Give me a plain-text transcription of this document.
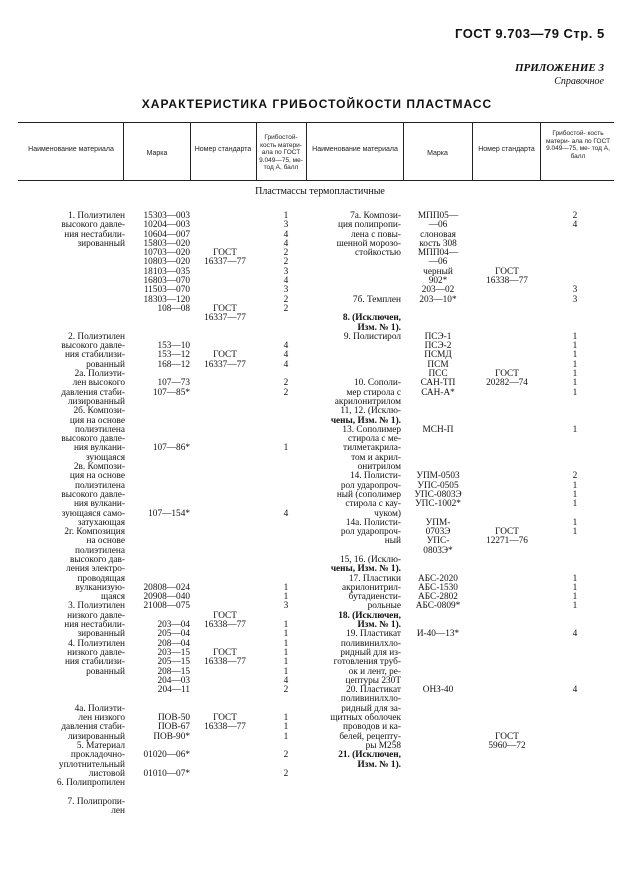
ГОСТ 9.703—79 Стр. 5
ПРИЛОЖЕНИЕ 3
Справочное
ХАРАКТЕРИСТИКА ГРИБОСТОЙКОСТИ ПЛАСТМАСС
Наименование материала
Марка
Номер стандарта
Грибостой- кость матери- ала по ГОСТ 9.049—75, ме- тод А, балл
Наименование материала
Марка
Номер стандарта
Грибостой- кость матери- ала по ГОСТ 9.049—75, ме- тод А, балл
Пластмассы термопластичные
1. Полиэтилен
высокого давле-
ния нестабили-
зированный
2. Полиэтилен
высокого давле-
ния стабилизи-
рованный
2а. Полиэти-
лен высокого
давления стаби-
лизированный
2б. Компози-
ция на основе
полиэтилена
высокого давле-
ния вулкани-
зующаяся
2в. Компози-
ция на основе
полиэтилена
высокого давле-
ния вулкани-
зующаяся само-
затухающая
2г. Композиция
на основе
полиэтилена
высокого дав-
ления электро-
проводящая
вулканизую-
щаяся
3. Полиэтилен
низкого давле-
ния нестабили-
зированный
4. Полиэтилен
низкого давле-
ния стабилизи-
рованный
4а. Полиэти-
лен низкого
давления стаби-
лизированный
5. Материал
прокладочно-
уплотнительный
листовой
6. Полипропилен
7. Полипропи-
лен
15303—003
10204—003
10604—007
15803—020
10703—020
10803—020
18103—035
16803—070
11503—070
18303—120
108—08
153—10
153—12
168—12
107—73
107—85*
107—86*
107—154*
20808—024
20908—040
21008—075
203—04
205—04
208—04
203—15
205—15
208—15
204—03
204—11
ПОВ-50
ПОВ-67
ПОВ-90*
01020—06*
01010—07*
ГОСТ
16337—77
ГОСТ
16337—77
ГОСТ
16337—77
ГОСТ
16338—77
ГОСТ
16338—77
ГОСТ
16338—77
1
3
4
4
2
2
3
4
3
2
2
4
4
4
2
2
1
4
1
1
3
1
1
1
1
1
1
4
2
1
1
1
2
2
7а. Компози-
ция полипропи-
лена с повы-
шенной морозо-
стойкостью
7б. Темплен
8. (Исключен,
Изм. № 1).
9. Полистирол
10. Сополи-
мер стирола с
акрилонитрилом
11, 12. (Исклю-
чены, Изм. № 1).
13. Сополимер
стирола с ме-
тилметакрила-
том и акрил-
онитрилом
14. Полисти-
рол ударопроч-
ный (сополимер
стирола с кау-
чуком)
14а. Полисти-
рол ударопроч-
ный
15, 16. (Исклю-
чены, Изм. № 1).
17. Пластики
акрилонитрил-
бутадиенсти-
рольные
18. (Исключен,
Изм. № 1).
19. Пластикат
поливинилхло-
ридный для из-
готовления труб-
ок и лент, ре-
цептуры 230Т
20. Пластикат
поливинилхло-
ридный для за-
щитных оболочек
проводов и ка-
белей, рецепту-
ры М258
21. (Исключен,
Изм. № 1).
МПП05—
—06
слоновая
кость 308
МПП04—
—06
черный
902*
203—02
203—10*
ПСЭ-1
ПСЭ-2
ПСМД
ПСМ
ПСС
САН-ТП
САН-А*
МСН-П
УПМ-0503
УПС-0505
УПС-0803Э
УПС-1002*
УПМ-
0703Э
УПС-
0803Э*
АБС-2020
АБС-1530
АБС-2802
АБС-0809*
И-40—13*
ОНЗ-40
ГОСТ
16338—77
ГОСТ
20282—74
ГОСТ
12271—76
ГОСТ
5960—72
2
4
3
3
1
1
1
1
1
1
1
1
2
1
1
1
1
1
1
1
1
1
4
4
